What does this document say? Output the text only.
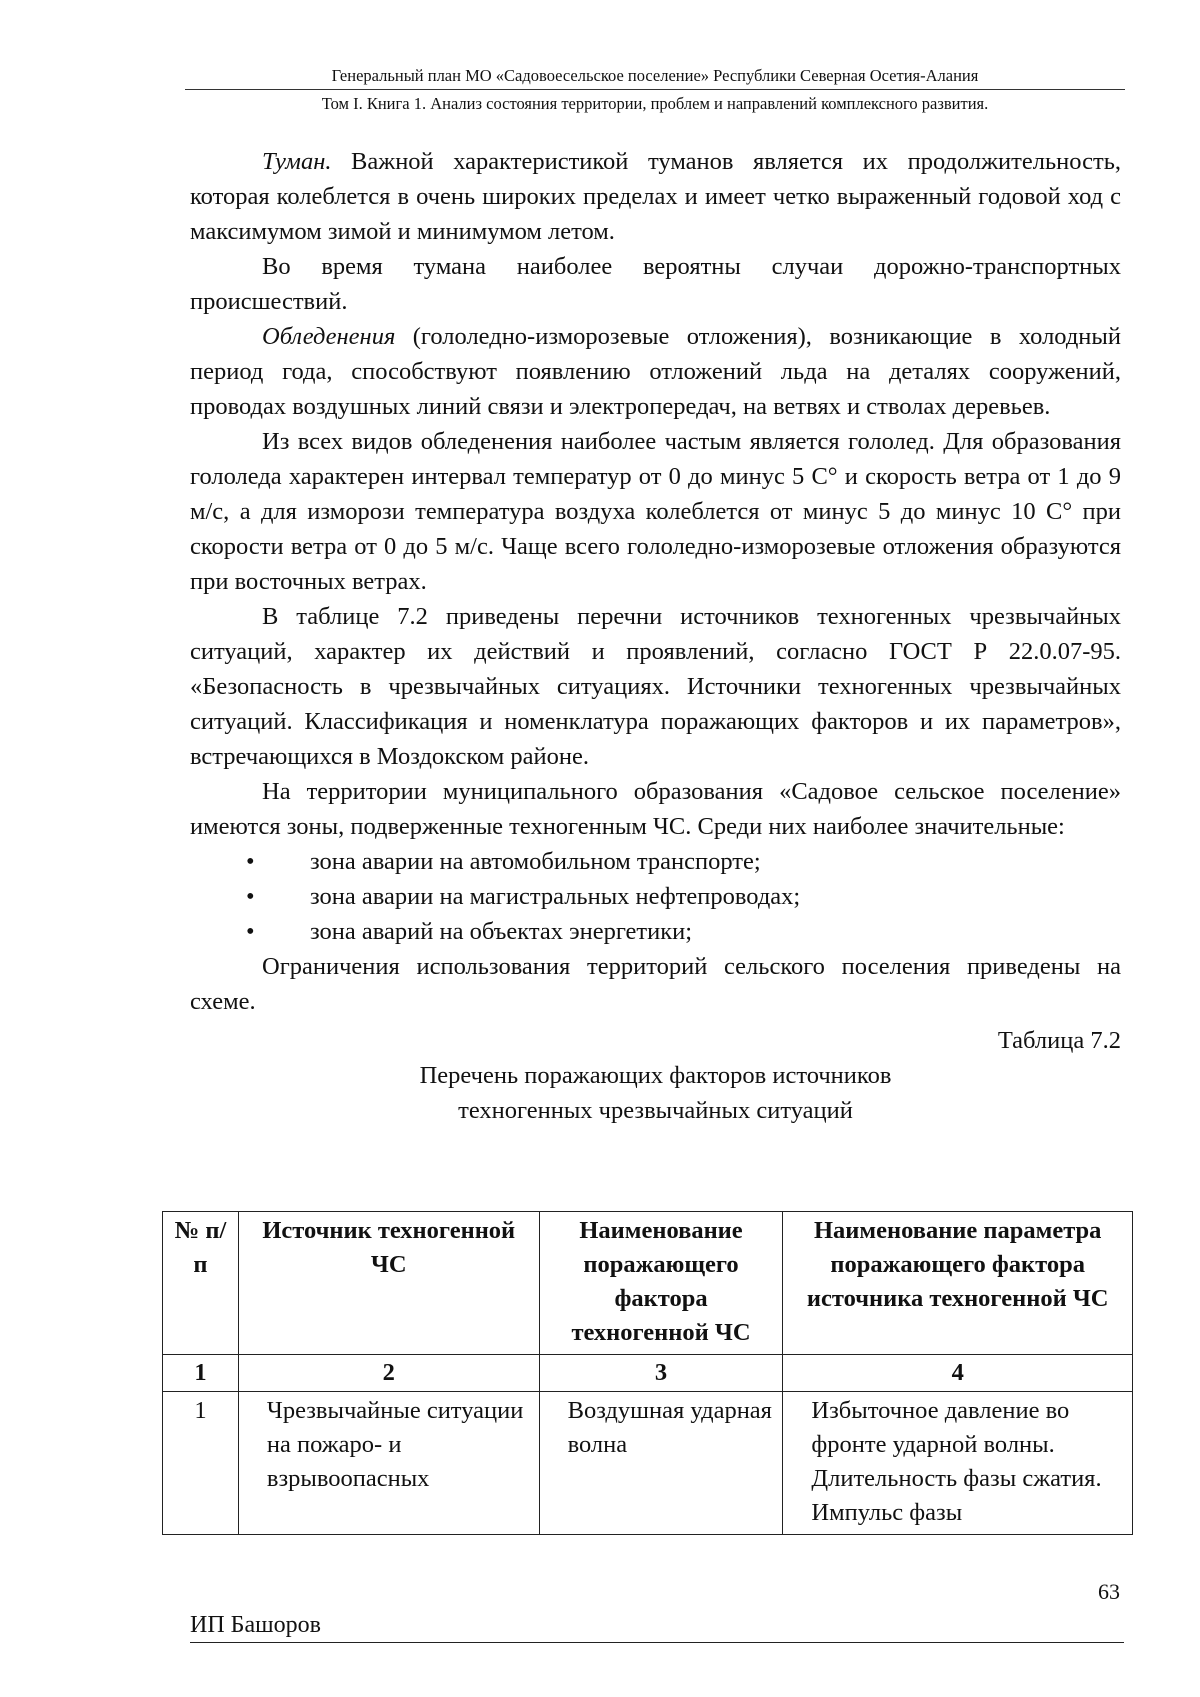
Генеральный план МО «Садовоесельское поселение» Республики Северная Осетия-Алания
Том I. Книга 1. Анализ состояния территории, проблем и направлений комплексного развития.

Туман. Важной характеристикой туманов является их продолжительность, которая колеблется в очень широких пределах и имеет четко выраженный годовой ход с максимумом зимой и минимумом летом.

Во время тумана наиболее вероятны случаи дорожно-транспортных происшествий.

Обледенения (гололедно-изморозевые отложения), возникающие в холодный период года, способствуют появлению отложений льда на деталях сооружений, проводах воздушных линий связи и электропередач, на ветвях и стволах деревьев.

Из всех видов обледенения наиболее частым является гололед. Для образования гололеда характерен интервал температур от 0 до минус 5 С° и скорость ветра от 1 до 9 м/с, а для изморози температура воздуха колеблется от минус 5 до минус 10 С° при скорости ветра от 0 до 5 м/с. Чаще всего гололедно-изморозевые отложения образуются при восточных ветрах.

В таблице 7.2 приведены перечни источников техногенных чрезвычайных ситуаций, характер их действий и проявлений, согласно ГОСТ Р 22.0.07-95. «Безопасность в чрезвычайных ситуациях. Источники техногенных чрезвычайных ситуаций. Классификация и номенклатура поражающих факторов и их параметров», встречающихся в Моздокском районе.

На территории муниципального образования «Садовое сельское поселение» имеются зоны, подверженные техногенным ЧС. Среди них наиболее значительные:

• зона аварии на автомобильном транспорте;
• зона аварии на магистральных нефтепроводах;
• зона аварий на объектах энергетики;

Ограничения использования территорий сельского поселения приведены на схеме.

Таблица 7.2
Перечень поражающих факторов источников
техногенных чрезвычайных ситуаций
№ п/п	Источник техногенной ЧС	Наименование поражающего фактора техногенной ЧС	Наименование параметра поражающего фактора источника техногенной ЧС
1	2	3	4
1	Чрезвычайные ситуации на пожаро- и взрывоопасных	Воздушная ударная волна	Избыточное давление во фронте ударной волны. Длительность фазы сжатия. Импульс фазы
63
ИП Башоров
